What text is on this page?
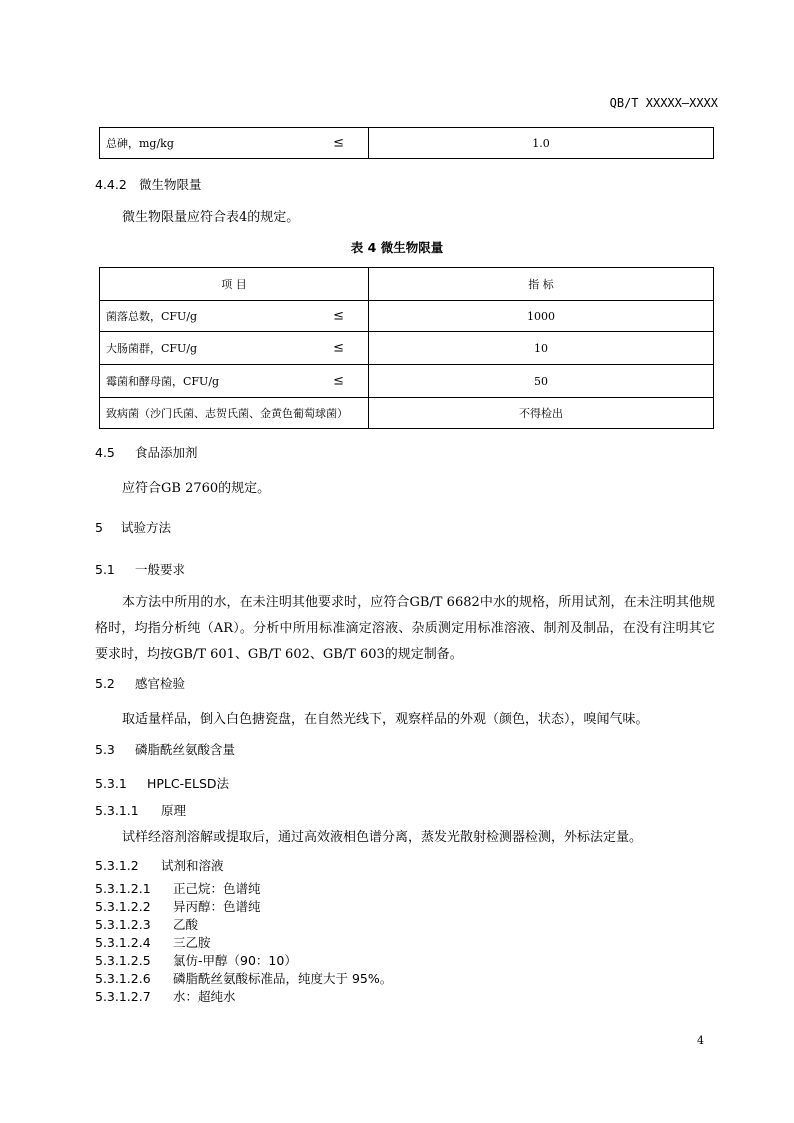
QB/T XXXXX—XXXX
总砷，mg/kg	≤	1.0
4.4.2 微生物限量
微生物限量应符合表4的规定。
表 4 微生物限量
项 目	指 标
菌落总数，CFU/g ≤	1000
大肠菌群，CFU/g ≤	10
霉菌和酵母菌，CFU/g ≤	50
致病菌（沙门氏菌、志贺氏菌、金黄色葡萄球菌）	不得检出
4.5 食品添加剂
应符合GB 2760的规定。
5 试验方法
5.1 一般要求
本方法中所用的水，在未注明其他要求时，应符合GB/T 6682中水的规格，所用试剂，在未注明其他规格时，均指分析纯（AR）。分析中所用标准滴定溶液、杂质测定用标准溶液、制剂及制品，在没有注明其它要求时，均按GB/T 601、GB/T 602、GB/T 603的规定制备。
5.2 感官检验
取适量样品，倒入白色搪瓷盘，在自然光线下，观察样品的外观（颜色，状态），嗅闻气味。
5.3 磷脂酰丝氨酸含量
5.3.1 HPLC-ELSD法
5.3.1.1 原理
试样经溶剂溶解或提取后，通过高效液相色谱分离，蒸发光散射检测器检测，外标法定量。
5.3.1.2 试剂和溶液
5.3.1.2.1 正己烷：色谱纯
5.3.1.2.2 异丙醇：色谱纯
5.3.1.2.3 乙酸
5.3.1.2.4 三乙胺
5.3.1.2.5 氯仿-甲醇（90：10）
5.3.1.2.6 磷脂酰丝氨酸标准品，纯度大于 95%。
5.3.1.2.7 水：超纯水
4
